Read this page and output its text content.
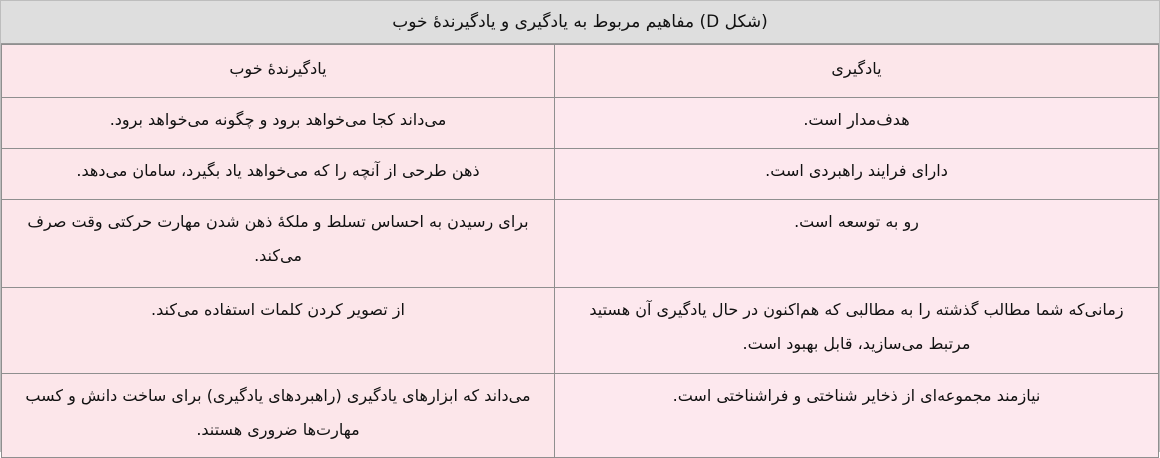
(شکل D) مفاهیم مربوط به یادگیری و یادگیرندۀ خوب
یادگیری	یادگیرندۀ خوب
هدف‌مدار است.	می‌داند کجا می‌خواهد برود و چگونه می‌خواهد برود.
دارای فرایند راهبردی است.	ذهن طرحی از آنچه را که می‌خواهد یاد بگیرد، سامان می‌دهد.
رو به توسعه است.	برای رسیدن به احساس تسلط و ملکۀ ذهن شدن مهارت حرکتی وقت صرف می‌کند.
زمانی‌که شما مطالب گذشته را به مطالبی که هم‌اکنون در حال یادگیری آن هستید مرتبط می‌سازید، قابل بهبود است.	از تصویر کردن کلمات استفاده می‌کند.
نیازمند مجموعه‌ای از ذخایر شناختی و فراشناختی است.	می‌داند که ابزارهای یادگیری (راهبردهای یادگیری) برای ساخت دانش و کسب مهارت‌ها ضروری هستند.
